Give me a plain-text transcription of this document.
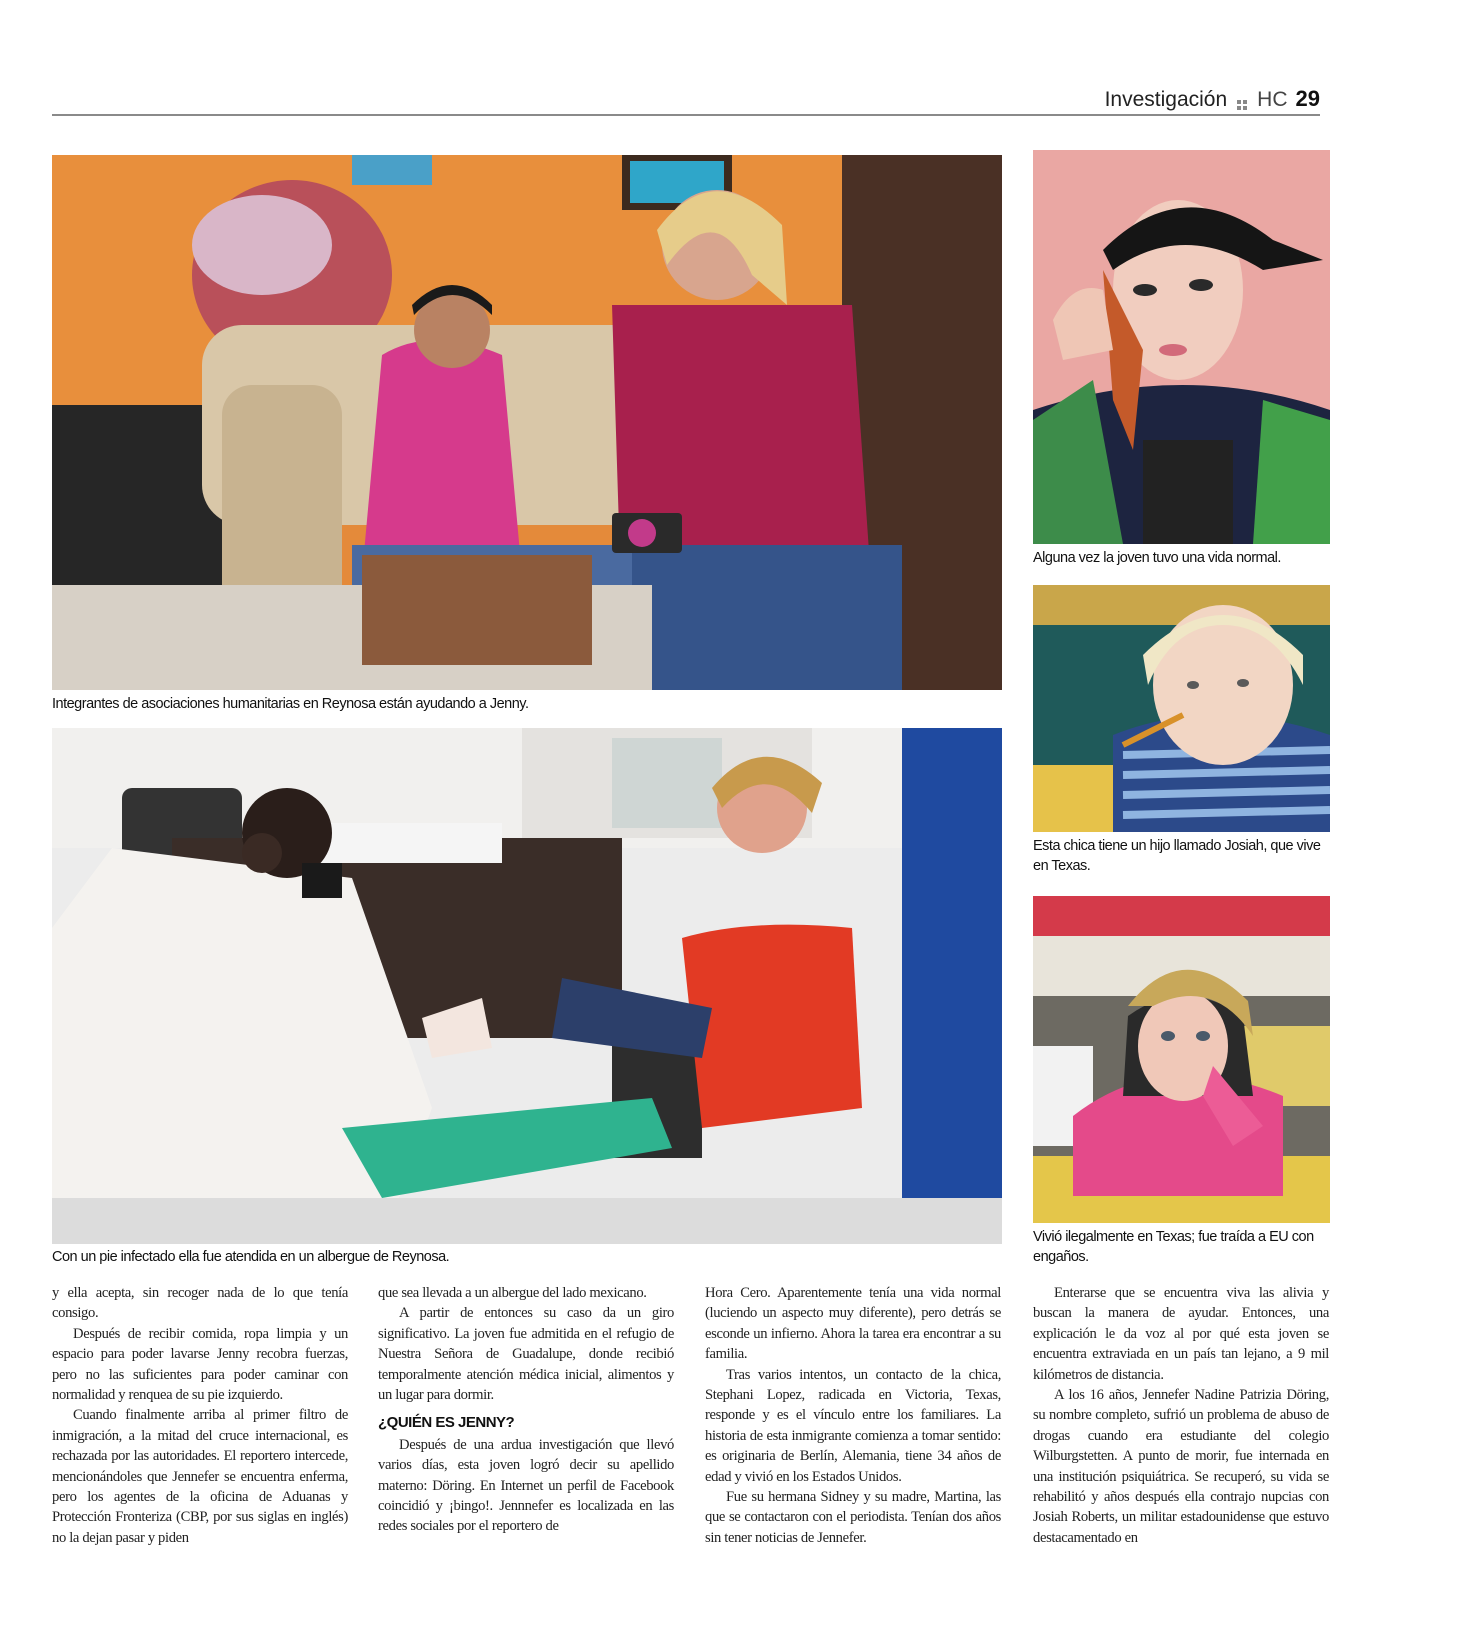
Investigación HC 29
Integrantes de asociaciones humanitarias en Reynosa están ayudando a Jenny.
Con un pie infectado ella fue atendida en un albergue de Reynosa.
Alguna vez la joven tuvo una vida normal.
Esta chica tiene un hijo llamado Josiah, que vive en Texas.
Vivió ilegalmente en Texas; fue traída a EU con engaños.

y ella acepta, sin recoger nada de lo que tenía consigo.

Después de recibir comida, ropa limpia y un espacio para poder lavarse Jenny recobra fuerzas, pero no las suficientes para poder caminar con normalidad y renquea de su pie izquierdo.

Cuando finalmente arriba al primer filtro de inmigración, a la mitad del cruce internacional, es rechazada por las autoridades. El reportero intercede, mencionándoles que Jennefer se encuentra enferma, pero los agentes de la oficina de Aduanas y Protección Fronteriza (CBP, por sus siglas en inglés) no la dejan pasar y piden

que sea llevada a un albergue del lado mexicano.

A partir de entonces su caso da un giro significativo. La joven fue admitida en el refugio de Nuestra Señora de Guadalupe, donde recibió temporalmente atención médica inicial, alimentos y un lugar para dormir.

¿QUIÉN ES JENNY?

Después de una ardua investigación que llevó varios días, esta joven logró decir su apellido materno: Döring. En Internet un perfil de Facebook coincidió y ¡bingo!. Jennnefer es localizada en las redes sociales por el reportero de

Hora Cero. Aparentemente tenía una vida normal (luciendo un aspecto muy diferente), pero detrás se esconde un infierno. Ahora la tarea era encontrar a su familia.

Tras varios intentos, un contacto de la chica, Stephani Lopez, radicada en Victoria, Texas, responde y es el vínculo entre los familiares. La historia de esta inmigrante comienza a tomar sentido: es originaria de Berlín, Alemania, tiene 34 años de edad y vivió en los Estados Unidos.

Fue su hermana Sidney y su madre, Martina, las que se contactaron con el periodista. Tenían dos años sin tener noticias de Jennefer.

Enterarse que se encuentra viva las alivia y buscan la manera de ayudar. Entonces, una explicación le da voz al por qué esta joven se encuentra extraviada en un país tan lejano, a 9 mil kilómetros de distancia.

A los 16 años, Jennefer Nadine Patrizia Döring, su nombre completo, sufrió un problema de abuso de drogas cuando era estudiante del colegio Wilburgstetten. A punto de morir, fue internada en una institución psiquiátrica. Se recuperó, su vida se rehabilitó y años después ella contrajo nupcias con Josiah Roberts, un militar estadounidense que estuvo destacamentado en
